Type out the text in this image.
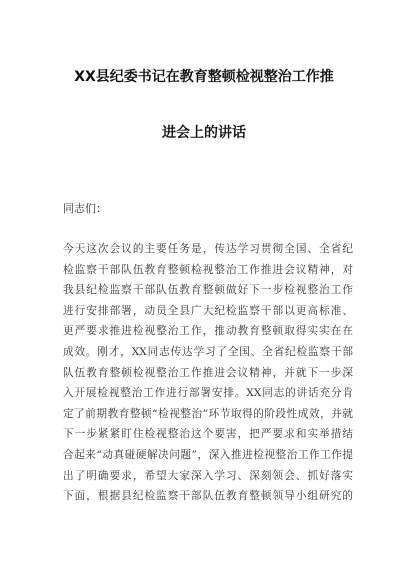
XX县纪委书记在教育整顿检视整治工作推
进会上的讲话
同志们：
今天这次会议的主要任务是，传达学习贯彻全国、全省纪
检监察干部队伍教育整顿检视整治工作推进会议精神，对
我县纪检监察干部队伍教育整顿做好下一步检视整治工作
进行安排部署，动员全县广大纪检监察干部以更高标准、
更严要求推进检视整治工作，推动教育整顿取得实实在在
成效。刚才，XX同志传达学习了全国、全省纪检监察干部
队伍教育整顿检视整治工作推进会议精神，并就下一步深
入开展检视整治工作进行部署安排。XX同志的讲话充分肯
定了前期教育整顿“检视整治”环节取得的阶段性成效，并就
下一步紧紧盯住检视整治这个要害，把严要求和实举措结
合起来“动真碰硬解决问题”，深入推进检视整治工作工作提
出了明确要求，希望大家深入学习、深刻领会、抓好落实
下面，根据县纪检监察干部队伍教育整顿领导小组研究的
